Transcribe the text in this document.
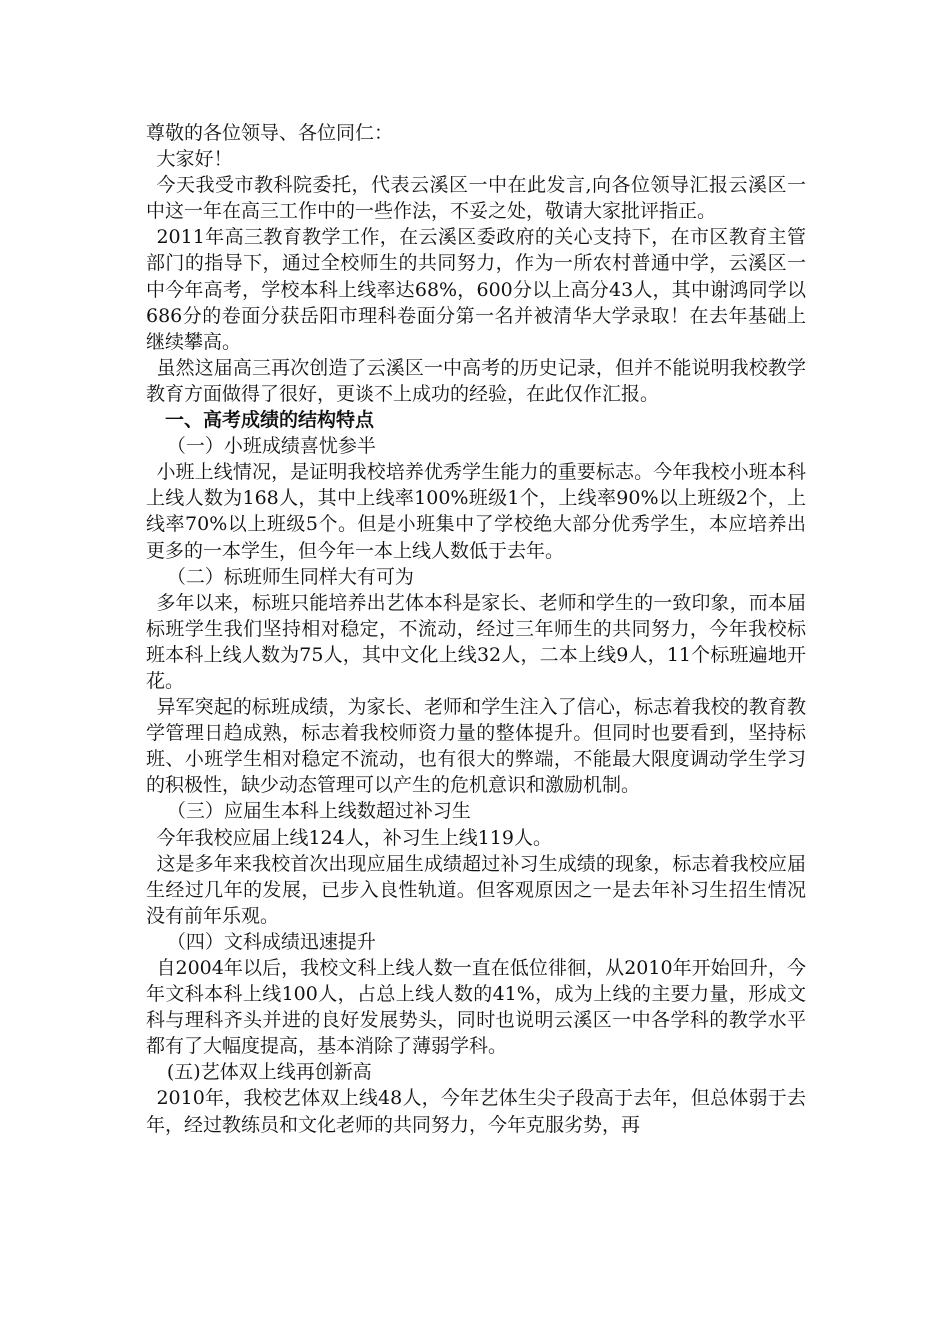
尊敬的各位领导、各位同仁：

大家好！

今天我受市教科院委托，代表云溪区一中在此发言,向各位领导汇报云溪区一中这一年在高三工作中的一些作法，不妥之处，敬请大家批评指正。

2011年高三教育教学工作，在云溪区委政府的关心支持下，在市区教育主管部门的指导下，通过全校师生的共同努力，作为一所农村普通中学，云溪区一中今年高考，学校本科上线率达68%，600分以上高分43人，其中谢鸿同学以686分的卷面分获岳阳市理科卷面分第一名并被清华大学录取！在去年基础上继续攀高。

虽然这届高三再次创造了云溪区一中高考的历史记录，但并不能说明我校教学教育方面做得了很好，更谈不上成功的经验，在此仅作汇报。

一、高考成绩的结构特点

（一）小班成绩喜忧参半

小班上线情况，是证明我校培养优秀学生能力的重要标志。今年我校小班本科上线人数为168人，其中上线率100%班级1个，上线率90%以上班级2个，上线率70%以上班级5个。但是小班集中了学校绝大部分优秀学生，本应培养出更多的一本学生，但今年一本上线人数低于去年。

（二）标班师生同样大有可为

多年以来，标班只能培养出艺体本科是家长、老师和学生的一致印象，而本届标班学生我们坚持相对稳定，不流动，经过三年师生的共同努力，今年我校标班本科上线人数为75人，其中文化上线32人，二本上线9人，11个标班遍地开花。

异军突起的标班成绩，为家长、老师和学生注入了信心，标志着我校的教育教学管理日趋成熟，标志着我校师资力量的整体提升。但同时也要看到，坚持标班、小班学生相对稳定不流动，也有很大的弊端，不能最大限度调动学生学习的积极性，缺少动态管理可以产生的危机意识和激励机制。

（三）应届生本科上线数超过补习生

今年我校应届上线124人，补习生上线119人。

这是多年来我校首次出现应届生成绩超过补习生成绩的现象，标志着我校应届生经过几年的发展，已步入良性轨道。但客观原因之一是去年补习生招生情况没有前年乐观。

（四）文科成绩迅速提升

自2004年以后，我校文科上线人数一直在低位徘徊，从2010年开始回升，今年文科本科上线100人，占总上线人数的41%，成为上线的主要力量，形成文科与理科齐头并进的良好发展势头，同时也说明云溪区一中各学科的教学水平都有了大幅度提高，基本消除了薄弱学科。

(五)艺体双上线再创新高

2010年，我校艺体双上线48人，今年艺体生尖子段高于去年，但总体弱于去年，经过教练员和文化老师的共同努力，今年克服劣势，再
